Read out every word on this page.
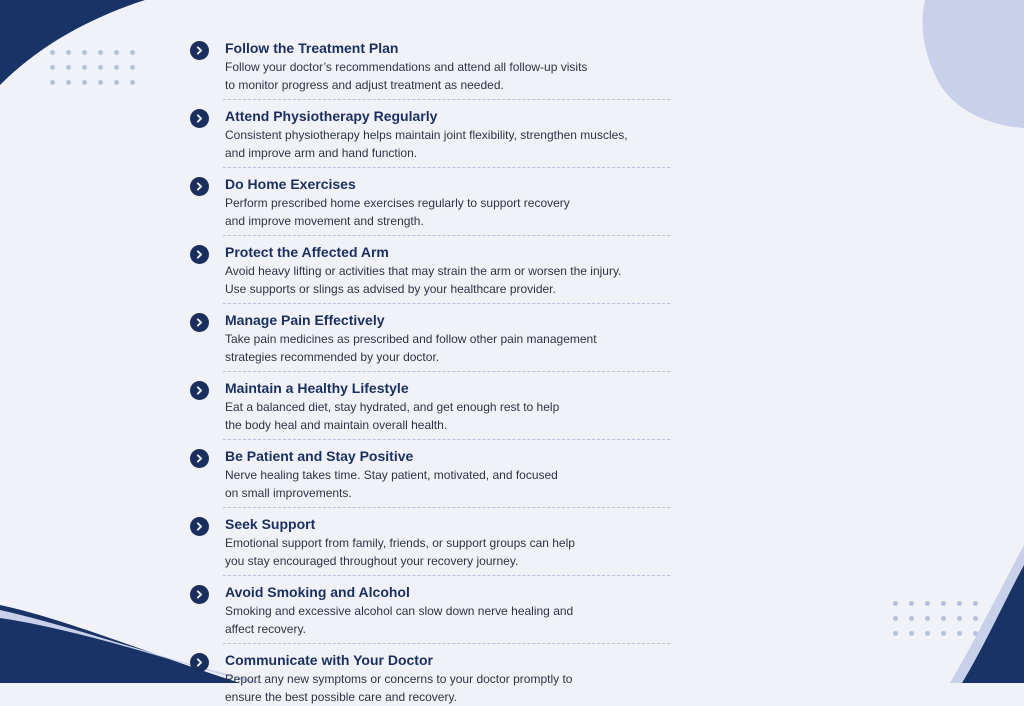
Follow the Treatment Plan
Follow your doctor’s recommendations and attend all follow-up visits
to monitor progress and adjust treatment as needed.
Attend Physiotherapy Regularly
Consistent physiotherapy helps maintain joint flexibility, strengthen muscles,
and improve arm and hand function.
Do Home Exercises
Perform prescribed home exercises regularly to support recovery
and improve movement and strength.
Protect the Affected Arm
Avoid heavy lifting or activities that may strain the arm or worsen the injury.
Use supports or slings as advised by your healthcare provider.
Manage Pain Effectively
Take pain medicines as prescribed and follow other pain management
strategies recommended by your doctor.
Maintain a Healthy Lifestyle
Eat a balanced diet, stay hydrated, and get enough rest to help
the body heal and maintain overall health.
Be Patient and Stay Positive
Nerve healing takes time. Stay patient, motivated, and focused
on small improvements.
Seek Support
Emotional support from family, friends, or support groups can help
you stay encouraged throughout your recovery journey.
Avoid Smoking and Alcohol
Smoking and excessive alcohol can slow down nerve healing and
affect recovery.
Communicate with Your Doctor
Report any new symptoms or concerns to your doctor promptly to
ensure the best possible care and recovery.
